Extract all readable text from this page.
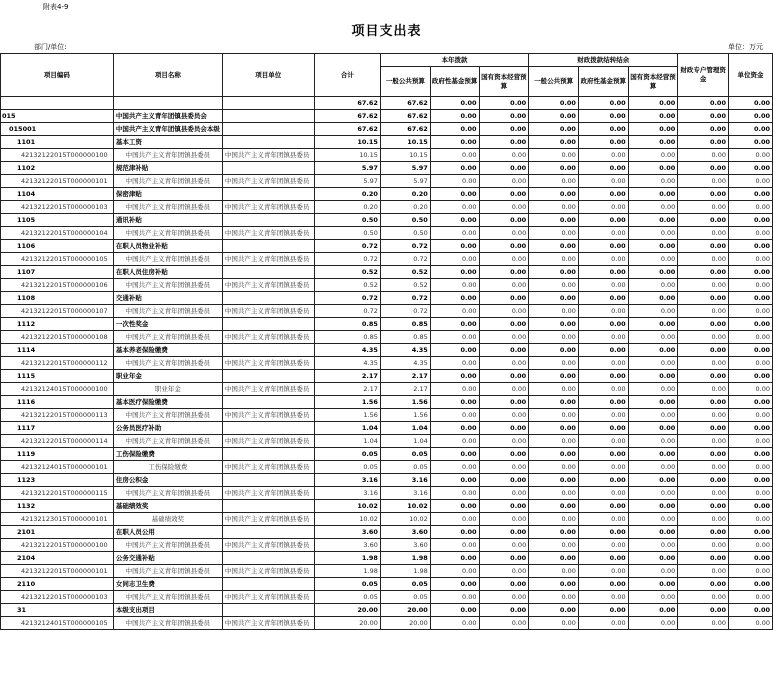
附表4-9
项目支出表
部门/单位:	单位：万元
项目编码	项目名称	项目单位	合计	本年拨款			财政拨款结转结余			财政专户管理资金	单位资金
				一般公共预算	政府性基金预算	国有资本经营预算	一般公共预算	政府性基金预算	国有资本经营预算		
			67.62	67.62	0.00	0.00	0.00	0.00	0.00	0.00	0.00
015	中国共产主义青年团镇县委员会		67.62	67.62	0.00	0.00	0.00	0.00	0.00	0.00	0.00
015001	中国共产主义青年团镇县委员会本级		67.62	67.62	0.00	0.00	0.00	0.00	0.00	0.00	0.00
1101	基本工资		10.15	10.15	0.00	0.00	0.00	0.00	0.00	0.00	0.00
42132122015T000000100	中国共产主义青年团镇县委员	中国共产主义青年团镇县委员	10.15	10.15	0.00	0.00	0.00	0.00	0.00	0.00	0.00
1102	规范津补贴		5.97	5.97	0.00	0.00	0.00	0.00	0.00	0.00	0.00
42132122015T000000101	中国共产主义青年团镇县委员	中国共产主义青年团镇县委员	5.97	5.97	0.00	0.00	0.00	0.00	0.00	0.00	0.00
1104	保密津贴		0.20	0.20	0.00	0.00	0.00	0.00	0.00	0.00	0.00
42132122015T000000103	中国共产主义青年团镇县委员	中国共产主义青年团镇县委员	0.20	0.20	0.00	0.00	0.00	0.00	0.00	0.00	0.00
1105	通讯补贴		0.50	0.50	0.00	0.00	0.00	0.00	0.00	0.00	0.00
42132122015T000000104	中国共产主义青年团镇县委员	中国共产主义青年团镇县委员	0.50	0.50	0.00	0.00	0.00	0.00	0.00	0.00	0.00
1106	在职人员物业补贴		0.72	0.72	0.00	0.00	0.00	0.00	0.00	0.00	0.00
42132122015T000000105	中国共产主义青年团镇县委员	中国共产主义青年团镇县委员	0.72	0.72	0.00	0.00	0.00	0.00	0.00	0.00	0.00
1107	在职人员住房补贴		0.52	0.52	0.00	0.00	0.00	0.00	0.00	0.00	0.00
42132122015T000000106	中国共产主义青年团镇县委员	中国共产主义青年团镇县委员	0.52	0.52	0.00	0.00	0.00	0.00	0.00	0.00	0.00
1108	交通补贴		0.72	0.72	0.00	0.00	0.00	0.00	0.00	0.00	0.00
42132122015T000000107	中国共产主义青年团镇县委员	中国共产主义青年团镇县委员	0.72	0.72	0.00	0.00	0.00	0.00	0.00	0.00	0.00
1112	一次性奖金		0.85	0.85	0.00	0.00	0.00	0.00	0.00	0.00	0.00
42132122015T000000108	中国共产主义青年团镇县委员	中国共产主义青年团镇县委员	0.85	0.85	0.00	0.00	0.00	0.00	0.00	0.00	0.00
1114	基本养老保险缴费		4.35	4.35	0.00	0.00	0.00	0.00	0.00	0.00	0.00
42132122015T000000112	中国共产主义青年团镇县委员	中国共产主义青年团镇县委员	4.35	4.35	0.00	0.00	0.00	0.00	0.00	0.00	0.00
1115	职业年金		2.17	2.17	0.00	0.00	0.00	0.00	0.00	0.00	0.00
42132124015T000000100	职业年金	中国共产主义青年团镇县委员	2.17	2.17	0.00	0.00	0.00	0.00	0.00	0.00	0.00
1116	基本医疗保险缴费		1.56	1.56	0.00	0.00	0.00	0.00	0.00	0.00	0.00
42132122015T000000113	中国共产主义青年团镇县委员	中国共产主义青年团镇县委员	1.56	1.56	0.00	0.00	0.00	0.00	0.00	0.00	0.00
1117	公务员医疗补助		1.04	1.04	0.00	0.00	0.00	0.00	0.00	0.00	0.00
42132122015T000000114	中国共产主义青年团镇县委员	中国共产主义青年团镇县委员	1.04	1.04	0.00	0.00	0.00	0.00	0.00	0.00	0.00
1119	工伤保险缴费		0.05	0.05	0.00	0.00	0.00	0.00	0.00	0.00	0.00
42132124015T000000101	工伤保险缴费	中国共产主义青年团镇县委员	0.05	0.05	0.00	0.00	0.00	0.00	0.00	0.00	0.00
1123	住房公积金		3.16	3.16	0.00	0.00	0.00	0.00	0.00	0.00	0.00
42132122015T000000115	中国共产主义青年团镇县委员	中国共产主义青年团镇县委员	3.16	3.16	0.00	0.00	0.00	0.00	0.00	0.00	0.00
1132	基础绩效奖		10.02	10.02	0.00	0.00	0.00	0.00	0.00	0.00	0.00
42132123015T000000101	基础绩效奖	中国共产主义青年团镇县委员	10.02	10.02	0.00	0.00	0.00	0.00	0.00	0.00	0.00
2101	在职人员公用		3.60	3.60	0.00	0.00	0.00	0.00	0.00	0.00	0.00
42132122015T000000100	中国共产主义青年团镇县委员	中国共产主义青年团镇县委员	3.60	3.60	0.00	0.00	0.00	0.00	0.00	0.00	0.00
2104	公务交通补贴		1.98	1.98	0.00	0.00	0.00	0.00	0.00	0.00	0.00
42132122015T000000101	中国共产主义青年团镇县委员	中国共产主义青年团镇县委员	1.98	1.98	0.00	0.00	0.00	0.00	0.00	0.00	0.00
2110	女同志卫生费		0.05	0.05	0.00	0.00	0.00	0.00	0.00	0.00	0.00
42132122015T000000103	中国共产主义青年团镇县委员	中国共产主义青年团镇县委员	0.05	0.05	0.00	0.00	0.00	0.00	0.00	0.00	0.00
31	本级支出项目		20.00	20.00	0.00	0.00	0.00	0.00	0.00	0.00	0.00
42132124015T000000105	中国共产主义青年团镇县委员	中国共产主义青年团镇县委员	20.00	20.00	0.00	0.00	0.00	0.00	0.00	0.00	0.00
